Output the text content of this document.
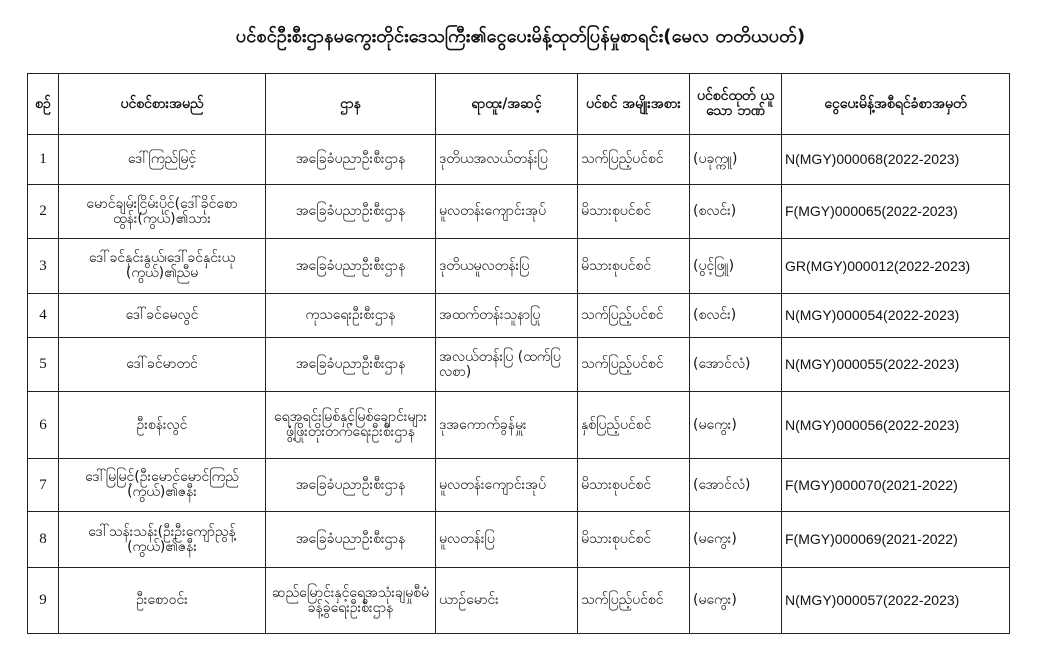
ပင်စင်ဦးစီးဌာနမကွေးတိုင်းဒေသကြီး၏ငွေပေးမိန့်ထုတ်ပြန်မှုစာရင်း(မေလ တတိယပတ်)
စဉ်	ပင်စင်စားအမည်	ဌာန	ရာထူး/အဆင့်	ပင်စင် အမျိုးအစား	ပင်စင်ထုတ် ယူသော ဘဏ်	ငွေပေးမိန့်အစီရင်ခံစာအမှတ်
1	ဒေါ်ကြည်မြင့်	အခြေခံပညာဦးစီးဌာန	ဒုတိယအလယ်တန်းပြ	သက်ပြည့်ပင်စင်	(ပခုက္ကူ)	N(MGY)000068(2022-2023)
2	မောင်ချမ်းငြိမ်းပိုင်(ဒေါ်ခိုင်စောထွန်း(ကွယ်)၏သား	အခြေခံပညာဦးစီးဌာန	မူလတန်းကျောင်းအုပ်	မိသားစုပင်စင်	(စလင်း)	F(MGY)000065(2022-2023)
3	ဒေါ်ခင်နှင်းနွယ်၊ဒေါ်ခင်နှင်းယု (ကွယ်)၏ညီမ	အခြေခံပညာဦးစီးဌာန	ဒုတိယမူလတန်းပြ	မိသားစုပင်စင်	(ပွင့်ဖြူ)	GR(MGY)000012(2022-2023)
4	ဒေါ်ခင်မေလွင်	ကုသရေးဦးစီးဌာန	အထက်တန်းသူနာပြု	သက်ပြည့်ပင်စင်	(စလင်း)	N(MGY)000054(2022-2023)
5	ဒေါ်ခင်မာတင်	အခြေခံပညာဦးစီးဌာန	အလယ်တန်းပြ (ထက်ပြလစာ)	သက်ပြည့်ပင်စင်	(အောင်လံ)	N(MGY)000055(2022-2023)
6	ဦးစန်းလွင်	ရေအရင်းမြစ်နှင့်မြစ်ချောင်းများဖွံ့ဖြိုးတိုးတက်ရေးဦးစီးဌာန	ဒုအကောက်ခွန်မှူး	နှစ်ပြည့်ပင်စင်	(မကွေး)	N(MGY)000056(2022-2023)
7	ဒေါ်မြမြင့်(ဦးမောင်မောင်ကြည် (ကွယ်)၏ဇနီး	အခြေခံပညာဦးစီးဌာန	မူလတန်းကျောင်းအုပ်	မိသားစုပင်စင်	(အောင်လံ)	F(MGY)000070(2021-2022)
8	ဒေါ်သန်းသန်း(ဦးဦးကျော်ညွန့် (ကွယ်)၏ဇနီး	အခြေခံပညာဦးစီးဌာန	မူလတန်းပြ	မိသားစုပင်စင်	(မကွေး)	F(MGY)000069(2021-2022)
9	ဦးစောဝင်း	ဆည်မြောင်းနှင့်ရေအသုံးချမှုစီမံခန့်ခွဲရေးဦးစီးဌာန	ယာဉ်မောင်း	သက်ပြည့်ပင်စင်	(မကွေး)	N(MGY)000057(2022-2023)
